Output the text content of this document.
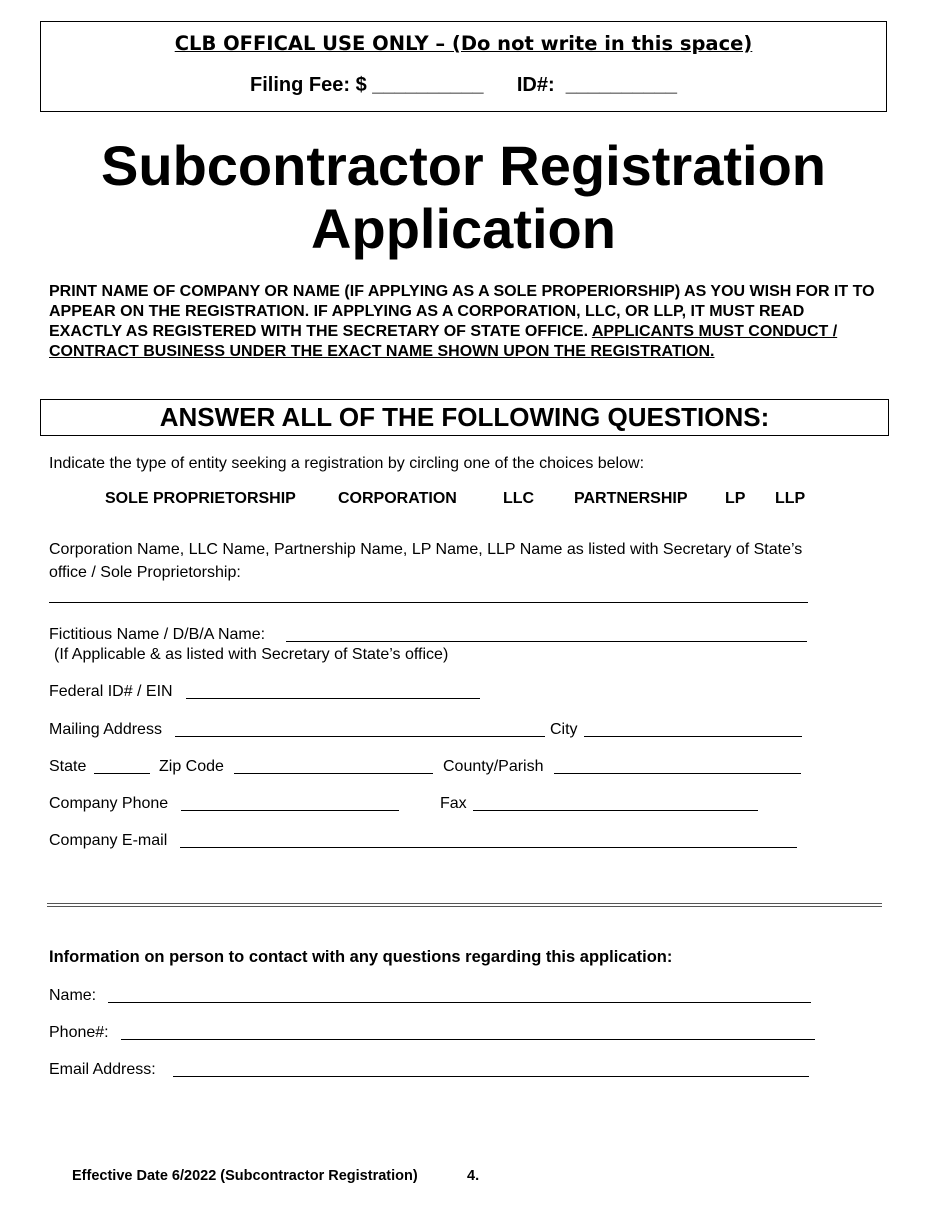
CLB OFFICAL USE ONLY – (Do not write in this space)
Filing Fee: $ __________      ID#:  __________
Subcontractor Registration
Application
PRINT NAME OF COMPANY OR NAME (IF APPLYING AS A SOLE PROPERIORSHIP) AS YOU WISH FOR IT TO APPEAR ON THE REGISTRATION. IF APPLYING AS A CORPORATION, LLC, OR LLP, IT MUST READ EXACTLY AS REGISTERED WITH THE SECRETARY OF STATE OFFICE. APPLICANTS MUST CONDUCT / CONTRACT BUSINESS UNDER THE EXACT NAME SHOWN UPON THE REGISTRATION.
ANSWER ALL OF THE FOLLOWING QUESTIONS:
Indicate the type of entity seeking a registration by circling one of the choices below:
SOLE PROPRIETORSHIP	CORPORATION	LLC PARTNERSHIP LP LLP
Corporation Name, LLC Name, Partnership Name, LP Name, LLP Name as listed with Secretary of State’s
office / Sole Proprietorship:
Fictitious Name / D/B/A Name:
(If Applicable & as listed with Secretary of State’s office)
Federal ID# / EIN
Mailing Address	City
State	Zip Code	County/Parish
Company Phone	Fax
Company E-mail
Information on person to contact with any questions regarding this application:
Name:
Phone#:
Email Address:
Effective Date 6/2022 (Subcontractor Registration)	4.
